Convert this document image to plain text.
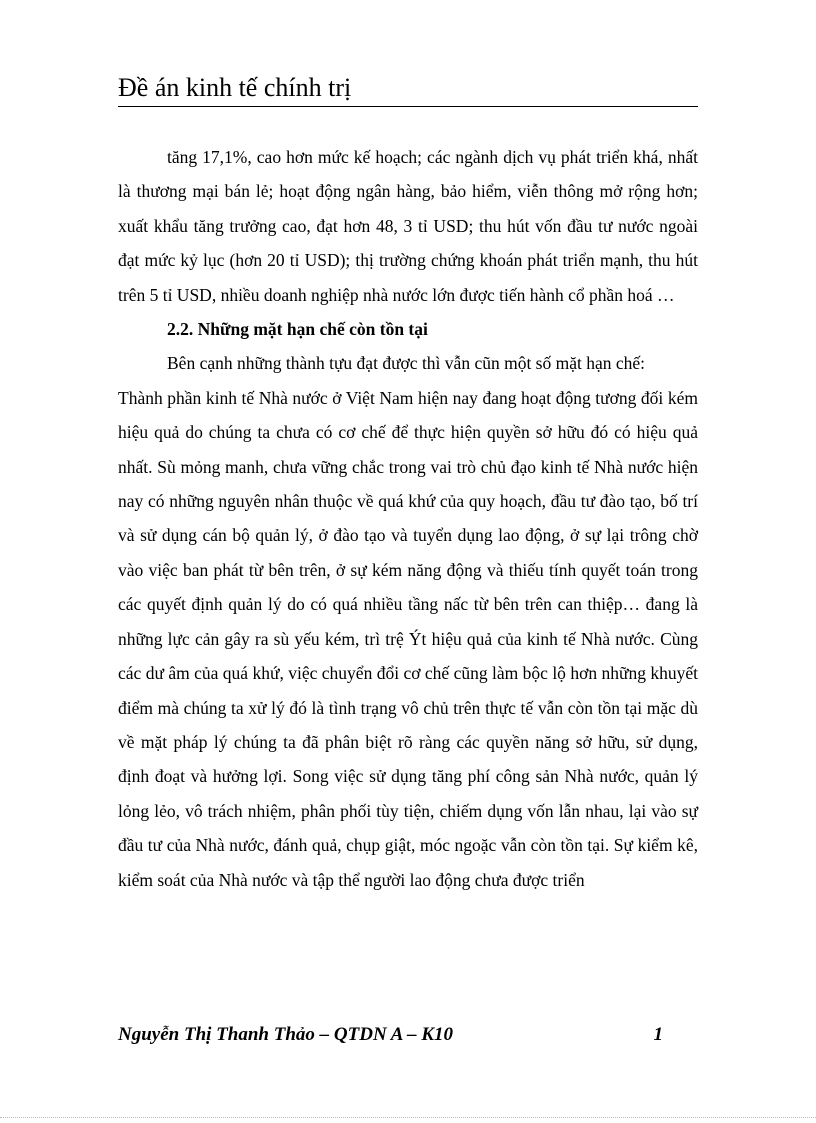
Đề án kinh tế chính trị

tăng 17,1%, cao hơn mức kế hoạch; các ngành dịch vụ phát triển khá, nhất là thương mại bán lẻ; hoạt động ngân hàng, bảo hiểm, viễn thông mở rộng hơn; xuất khẩu tăng trưởng cao, đạt hơn 48, 3 tỉ USD; thu hút vốn đầu tư nước ngoài đạt mức kỷ lục (hơn 20 tỉ USD); thị trường chứng khoán phát triển mạnh, thu hút trên 5 tỉ USD, nhiều doanh nghiệp nhà nước lớn được tiến hành cổ phần hoá …

2.2. Những mặt hạn chế còn tồn tại

Bên cạnh những thành tựu đạt được thì vẫn cũn một số mặt hạn chế:

Thành phần kinh tế Nhà nước ở Việt Nam hiện nay đang hoạt động tương đối kém hiệu quả do chúng ta chưa có cơ chế để thực hiện quyền sở hữu đó có hiệu quả nhất. Sù mỏng manh, chưa vững chắc trong vai trò chủ đạo kinh tế Nhà nước hiện nay có những nguyên nhân thuộc về quá khứ của quy hoạch, đầu tư đào tạo, bố trí và sử dụng cán bộ quản lý, ở đào tạo và tuyển dụng lao động, ở sự lại trông chờ vào việc ban phát từ bên trên, ở sự kém năng động và thiếu tính quyết toán trong các quyết định quản lý do có quá nhiều tầng nấc từ bên trên can thiệp… đang là những lực cản gây ra sù yếu kém, trì trệ Ýt hiệu quả của kinh tế Nhà nước. Cùng các dư âm của quá khứ, việc chuyển đổi cơ chế cũng làm bộc lộ hơn những khuyết điểm mà chúng ta xử lý đó là tình trạng vô chủ trên thực tế vẫn còn tồn tại mặc dù về mặt pháp lý chúng ta đã phân biệt rõ ràng các quyền năng sở hữu, sử dụng, định đoạt và hưởng lợi. Song việc sử dụng tăng phí công sản Nhà nước, quản lý lỏng lẻo, vô trách nhiệm, phân phối tùy tiện, chiếm dụng vốn lẫn nhau, lại vào sự đầu tư của Nhà nước, đánh quả, chụp giật, móc ngoặc vẫn còn tồn tại. Sự kiểm kê, kiểm soát của Nhà nước và tập thể người lao động chưa được triển

Nguyễn Thị Thanh Thảo – QTDN A – K10	1
